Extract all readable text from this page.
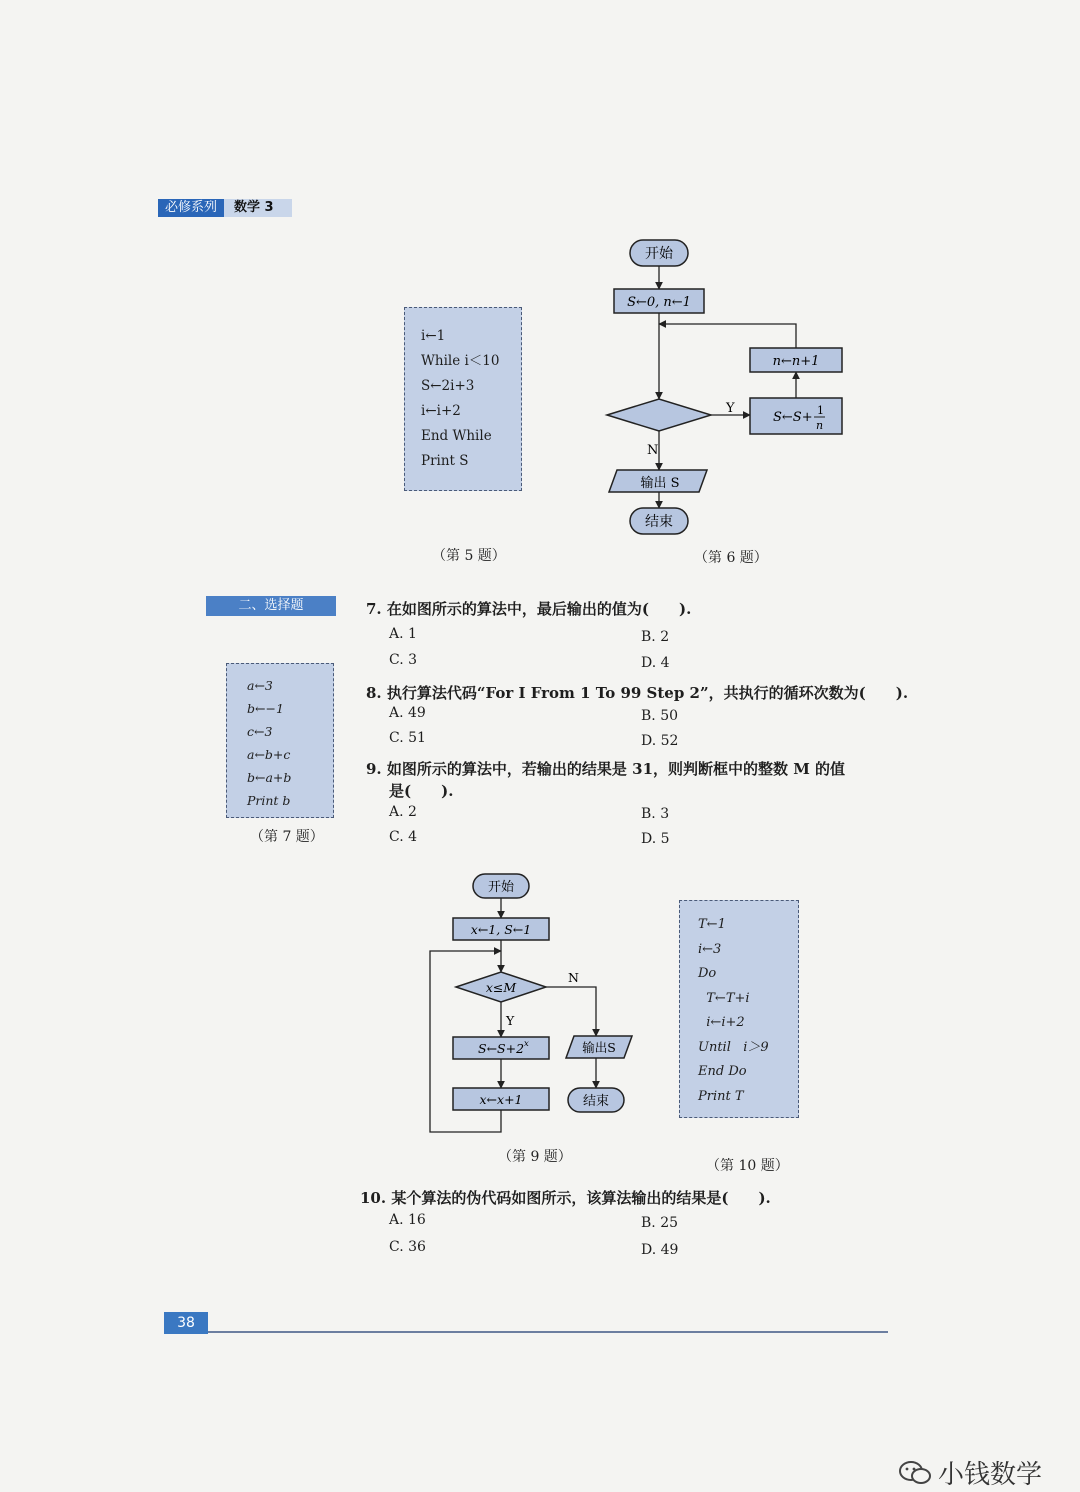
必修系列	数学 3
i←1
While i＜10
S←2i+3
i←i+2
End While
Print S
（第 5 题）
开始
S←0, n←1
Y
S←S+ 1
n
n←n+1
N
输出 S
结束
（第 6 题）
二、选择题
a←3
b←−1
c←3
a←b+c
b←a+b
Print b
（第 7 题）
7. 在如图所示的算法中，最后输出的值为(　　).
A. 1	B. 2
C. 3	D. 4
8. 执行算法代码“For I From 1 To 99 Step 2”，共执行的循环次数为(　　).
A. 49	B. 50
C. 51	D. 52
9. 如图所示的算法中，若输出的结果是 31，则判断框中的整数 M 的值
是(　　).
A. 2	B. 3
C. 4	D. 5
开始
x←1, S←1
x≤M
N
输出S
结束
Y
S←S+2 x
x←x+1
（第 9 题）
T←1
i←3
Do
T←T+i
i←i+2
Until   i＞9
End Do
Print T
（第 10 题）
10. 某个算法的伪代码如图所示，该算法输出的结果是(　　).
A. 16	B. 25
C. 36	D. 49
38
小钱数学
